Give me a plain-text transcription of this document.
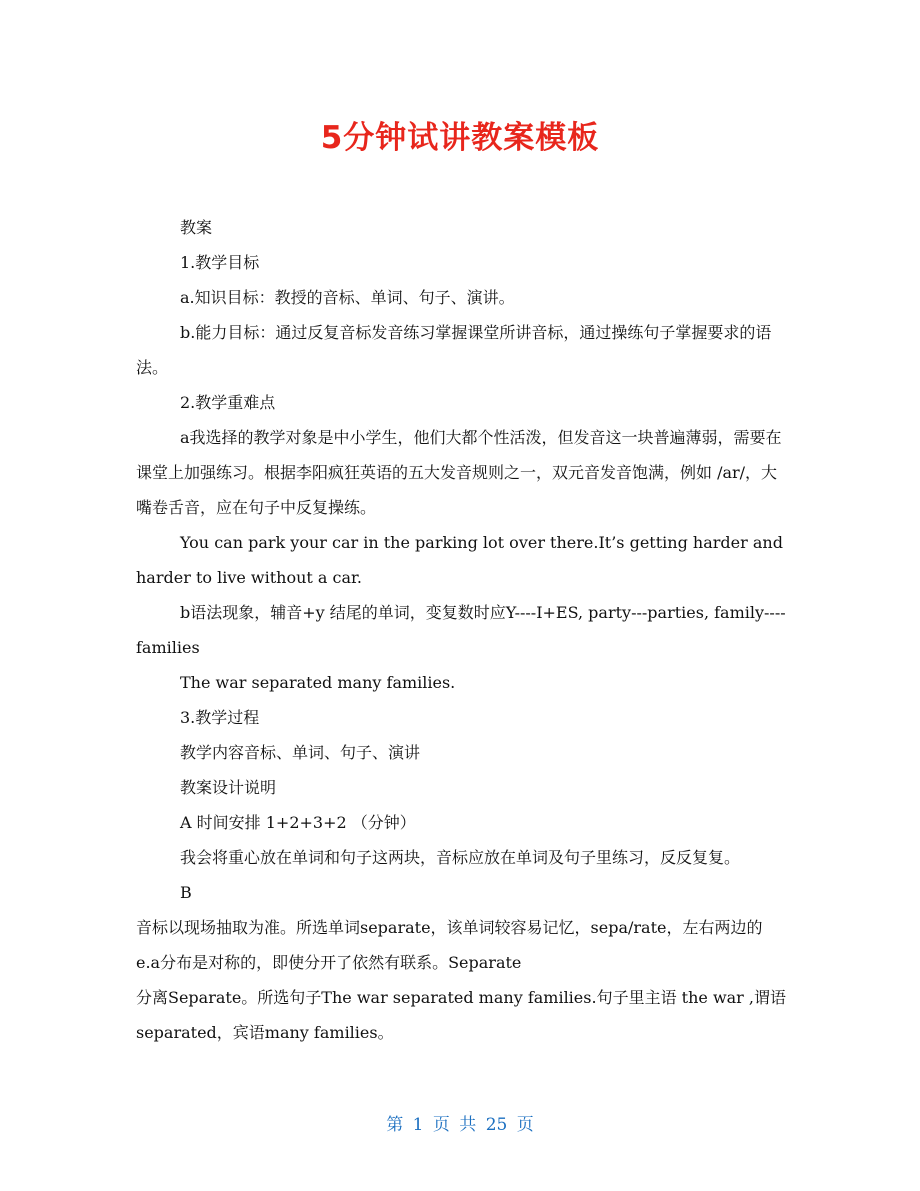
5分钟试讲教案模板

教案

1.教学目标

a.知识目标：教授的音标、单词、句子、演讲。

b.能力目标：通过反复音标发音练习掌握课堂所讲音标，通过操练句子掌握要求的语法。

2.教学重难点

a我选择的教学对象是中小学生，他们大都个性活泼，但发音这一块普遍薄弱，需要在课堂上加强练习。根据李阳疯狂英语的五大发音规则之一，双元音发音饱满，例如 /ar/，大嘴卷舌音，应在句子中反复操练。

You can park your car in the parking lot over there.It’s getting harder and harder to live without a car.

b语法现象，辅音+y 结尾的单词，变复数时应Y----I+ES, party---parties, family----families

The war separated many families.

3.教学过程

教学内容音标、单词、句子、演讲

教案设计说明

A 时间安排 1+2+3+2 （分钟）

我会将重心放在单词和句子这两块，音标应放在单词及句子里练习，反反复复。

B

音标以现场抽取为准。所选单词separate，该单词较容易记忆，sepa/rate，左右两边的e.a分布是对称的，即使分开了依然有联系。Separate

分离Separate。所选句子The war separated many families.句子里主语 the war ,谓语separated，宾语many families。

第 1 页 共 25 页
